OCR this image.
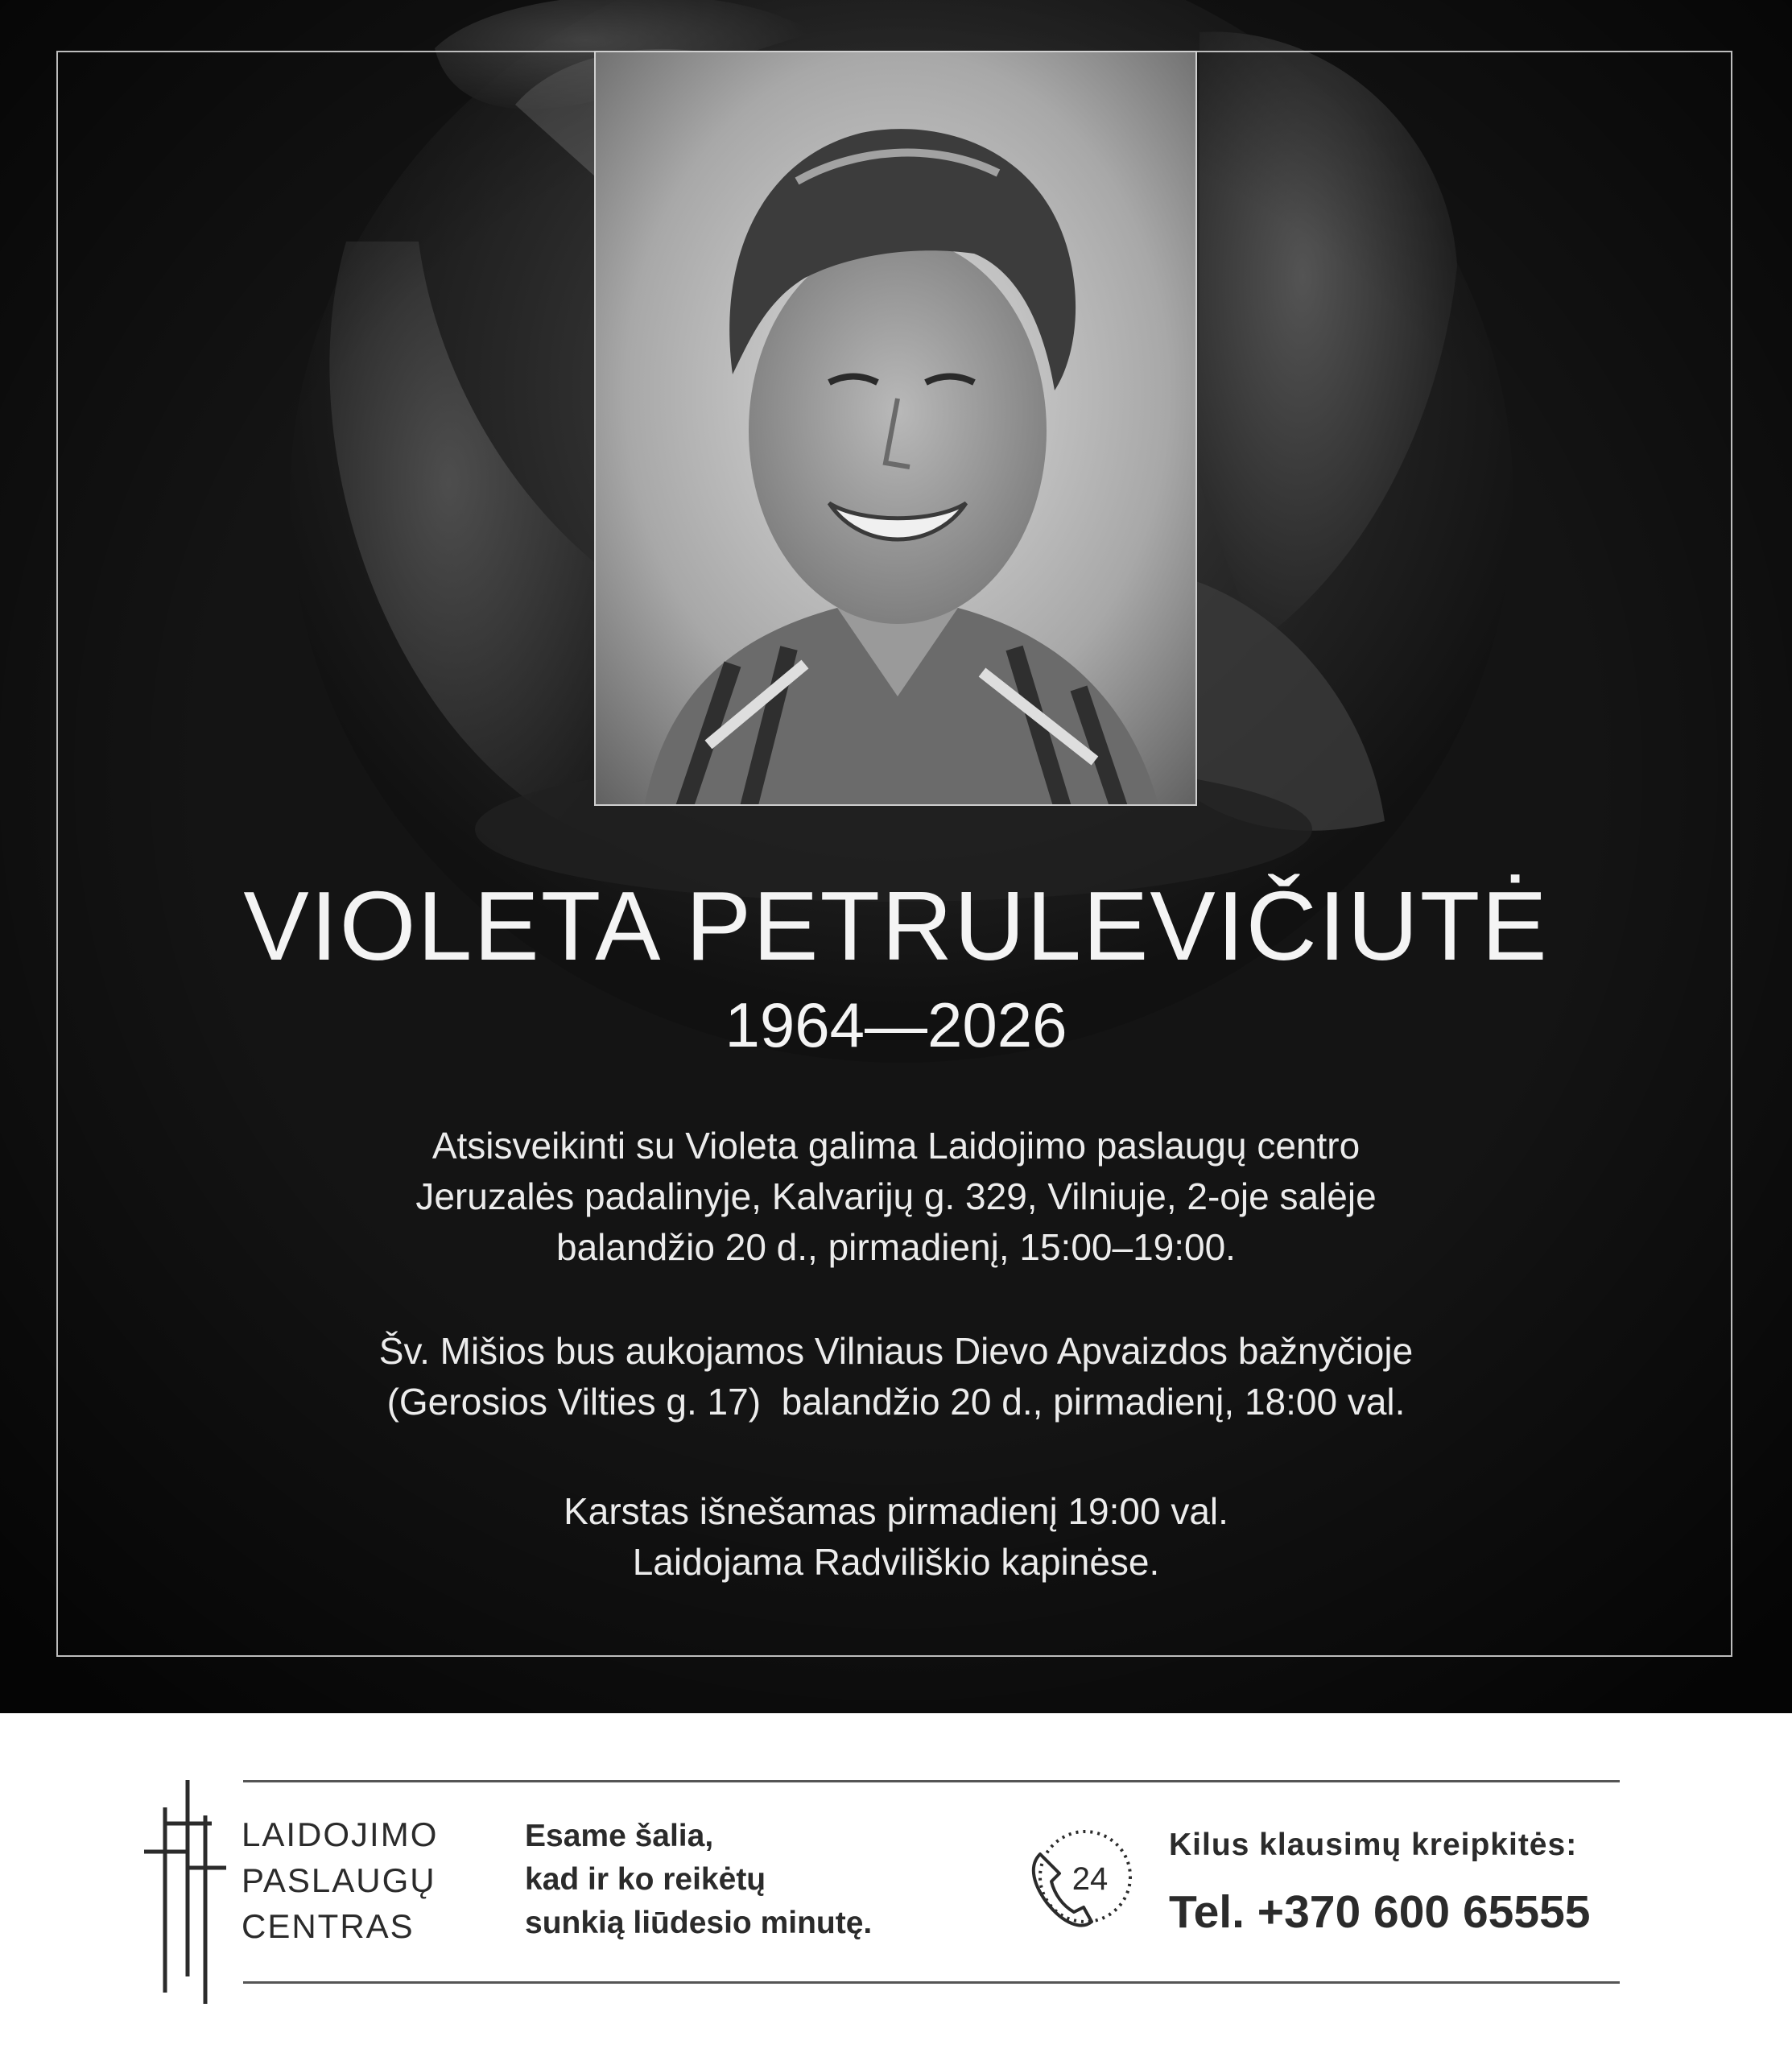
VIOLETA PETRULEVIČIUTĖ
1964—2026

Atsisveikinti su Violeta galima Laidojimo paslaugų centro

Jeruzalės padalinyje, Kalvarijų g. 329, Vilniuje, 2-oje salėje

balandžio 20 d., pirmadienį, 15:00–19:00.

Šv. Mišios bus aukojamos Vilniaus Dievo Apvaizdos bažnyčioje

(Gerosios Vilties g. 17)  balandžio 20 d., pirmadienį, 18:00 val.

Karstas išnešamas pirmadienį 19:00 val.

Laidojama Radviliškio kapinėse.

LAIDOJIMO
PASLAUGŲ
CENTRAS
Esame šalia,
kad ir ko reikėtų
sunkią liūdesio minutę.
24
Kilus klausimų kreipkitės:
Tel. +370 600 65555
